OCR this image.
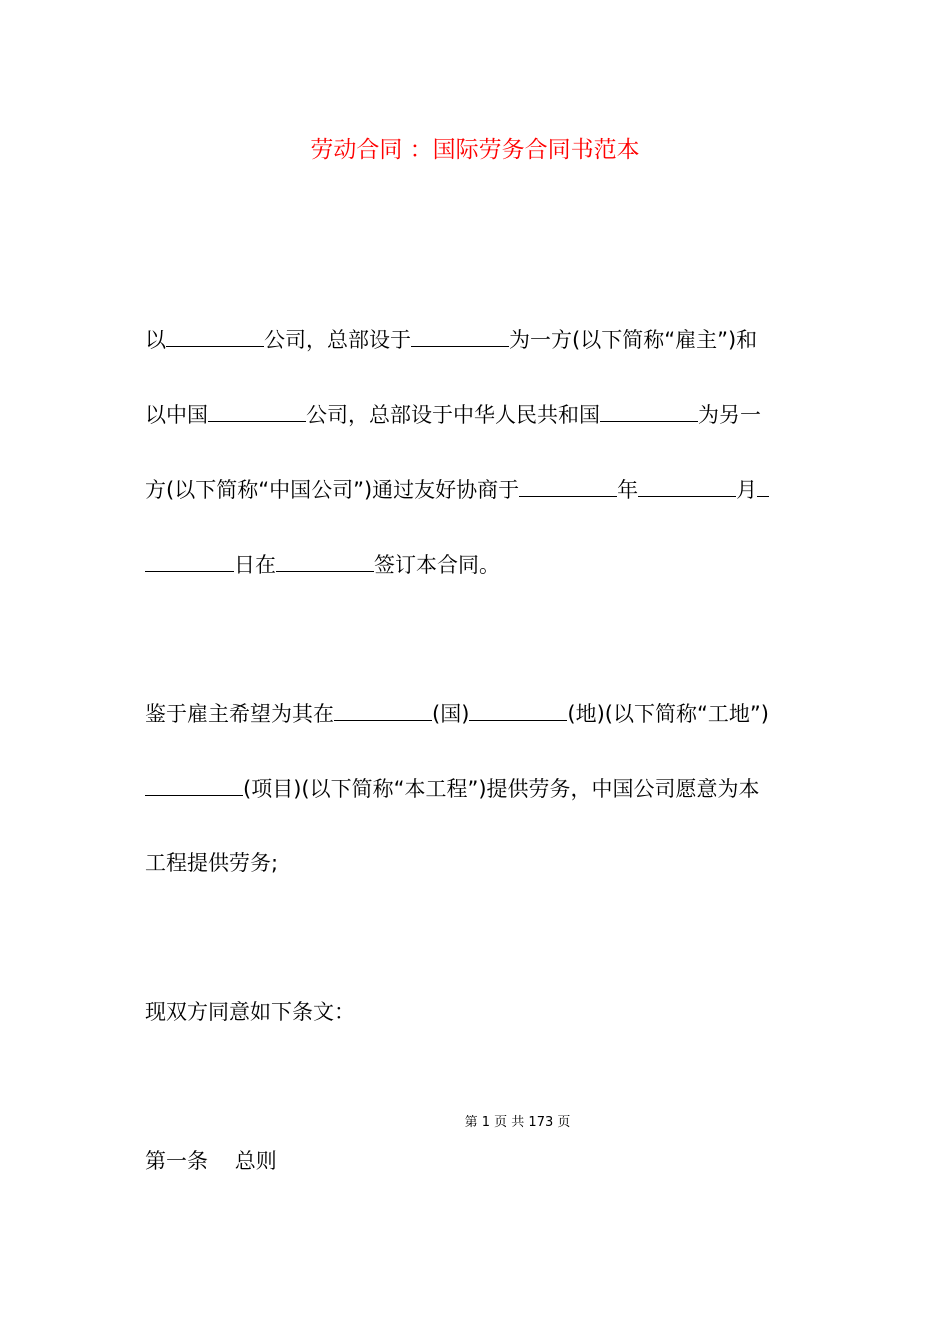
劳动合同 ：国际劳务合同书范本
以	公司，总部设于	为一方(以下简称“雇主”)和
以中国	公司，总部设于中华人民共和国	为另一
方(以下简称“中国公司”)通过友好协商于	年	月
日在	签订本合同。
鉴于雇主希望为其在	(国)	(地)(以下简称“工地”)
(项目)(以下简称“本工程”)提供劳务，中国公司愿意为本
工程提供劳务;
现双方同意如下条文：
第 1 页 共 173 页
第一条    总则
